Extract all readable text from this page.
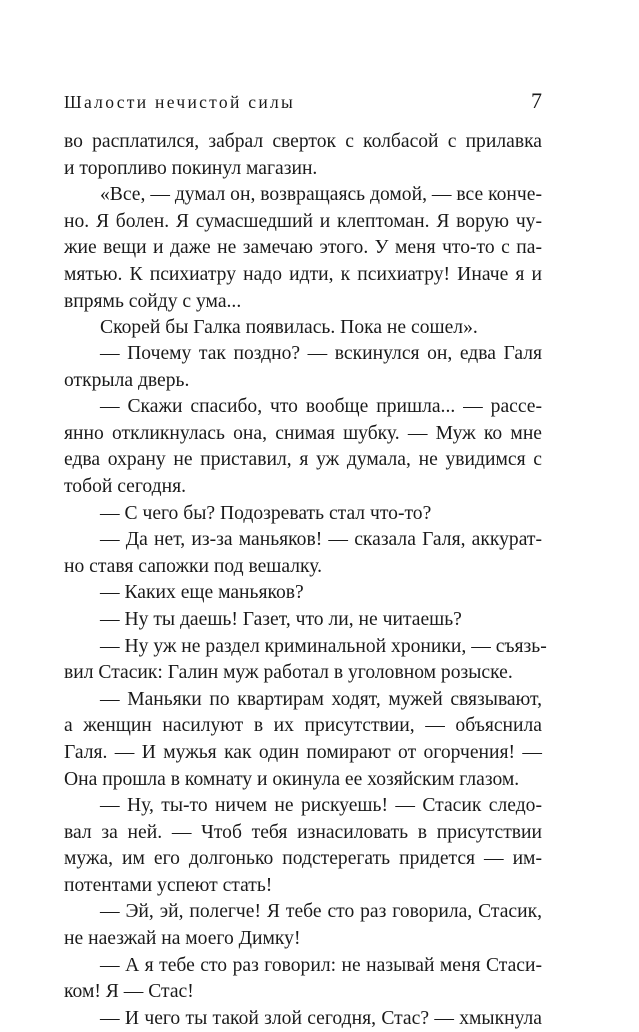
Шалости нечистой силы	7
во расплатился, забрал сверток с колбасой с прилавка
и торопливо покинул магазин.
«Все, — думал он, возвращаясь домой, — все конче-
но. Я болен. Я сумасшедший и клептоман. Я ворую чу-
жие вещи и даже не замечаю этого. У меня что-то с па-
мятью. К психиатру надо идти, к психиатру! Иначе я и
впрямь сойду с ума...
Скорей бы Галка появилась. Пока не сошел».
— Почему так поздно? — вскинулся он, едва Галя
открыла дверь.
— Скажи спасибо, что вообще пришла... — рассе-
янно откликнулась она, снимая шубку. — Муж ко мне
едва охрану не приставил, я уж думала, не увидимся с
тобой сегодня.
— С чего бы? Подозревать стал что-то?
— Да нет, из-за маньяков! — сказала Галя, аккурат-
но ставя сапожки под вешалку.
— Каких еще маньяков?
— Ну ты даешь! Газет, что ли, не читаешь?
— Ну уж не раздел криминальной хроники, — съязь-
вил Стасик: Галин муж работал в уголовном розыске.
— Маньяки по квартирам ходят, мужей связывают,
а женщин насилуют в их присутствии, — объяснила
Галя. — И мужья как один помирают от огорчения! —
Она прошла в комнату и окинула ее хозяйским глазом.
— Ну, ты-то ничем не рискуешь! — Стасик следо-
вал за ней. — Чтоб тебя изнасиловать в присутствии
мужа, им его долгонько подстерегать придется — им-
потентами успеют стать!
— Эй, эй, полегче! Я тебе сто раз говорила, Стасик,
не наезжай на моего Димку!
— А я тебе сто раз говорил: не называй меня Стаси-
ком! Я — Стас!
— И чего ты такой злой сегодня, Стас? — хмыкнула
